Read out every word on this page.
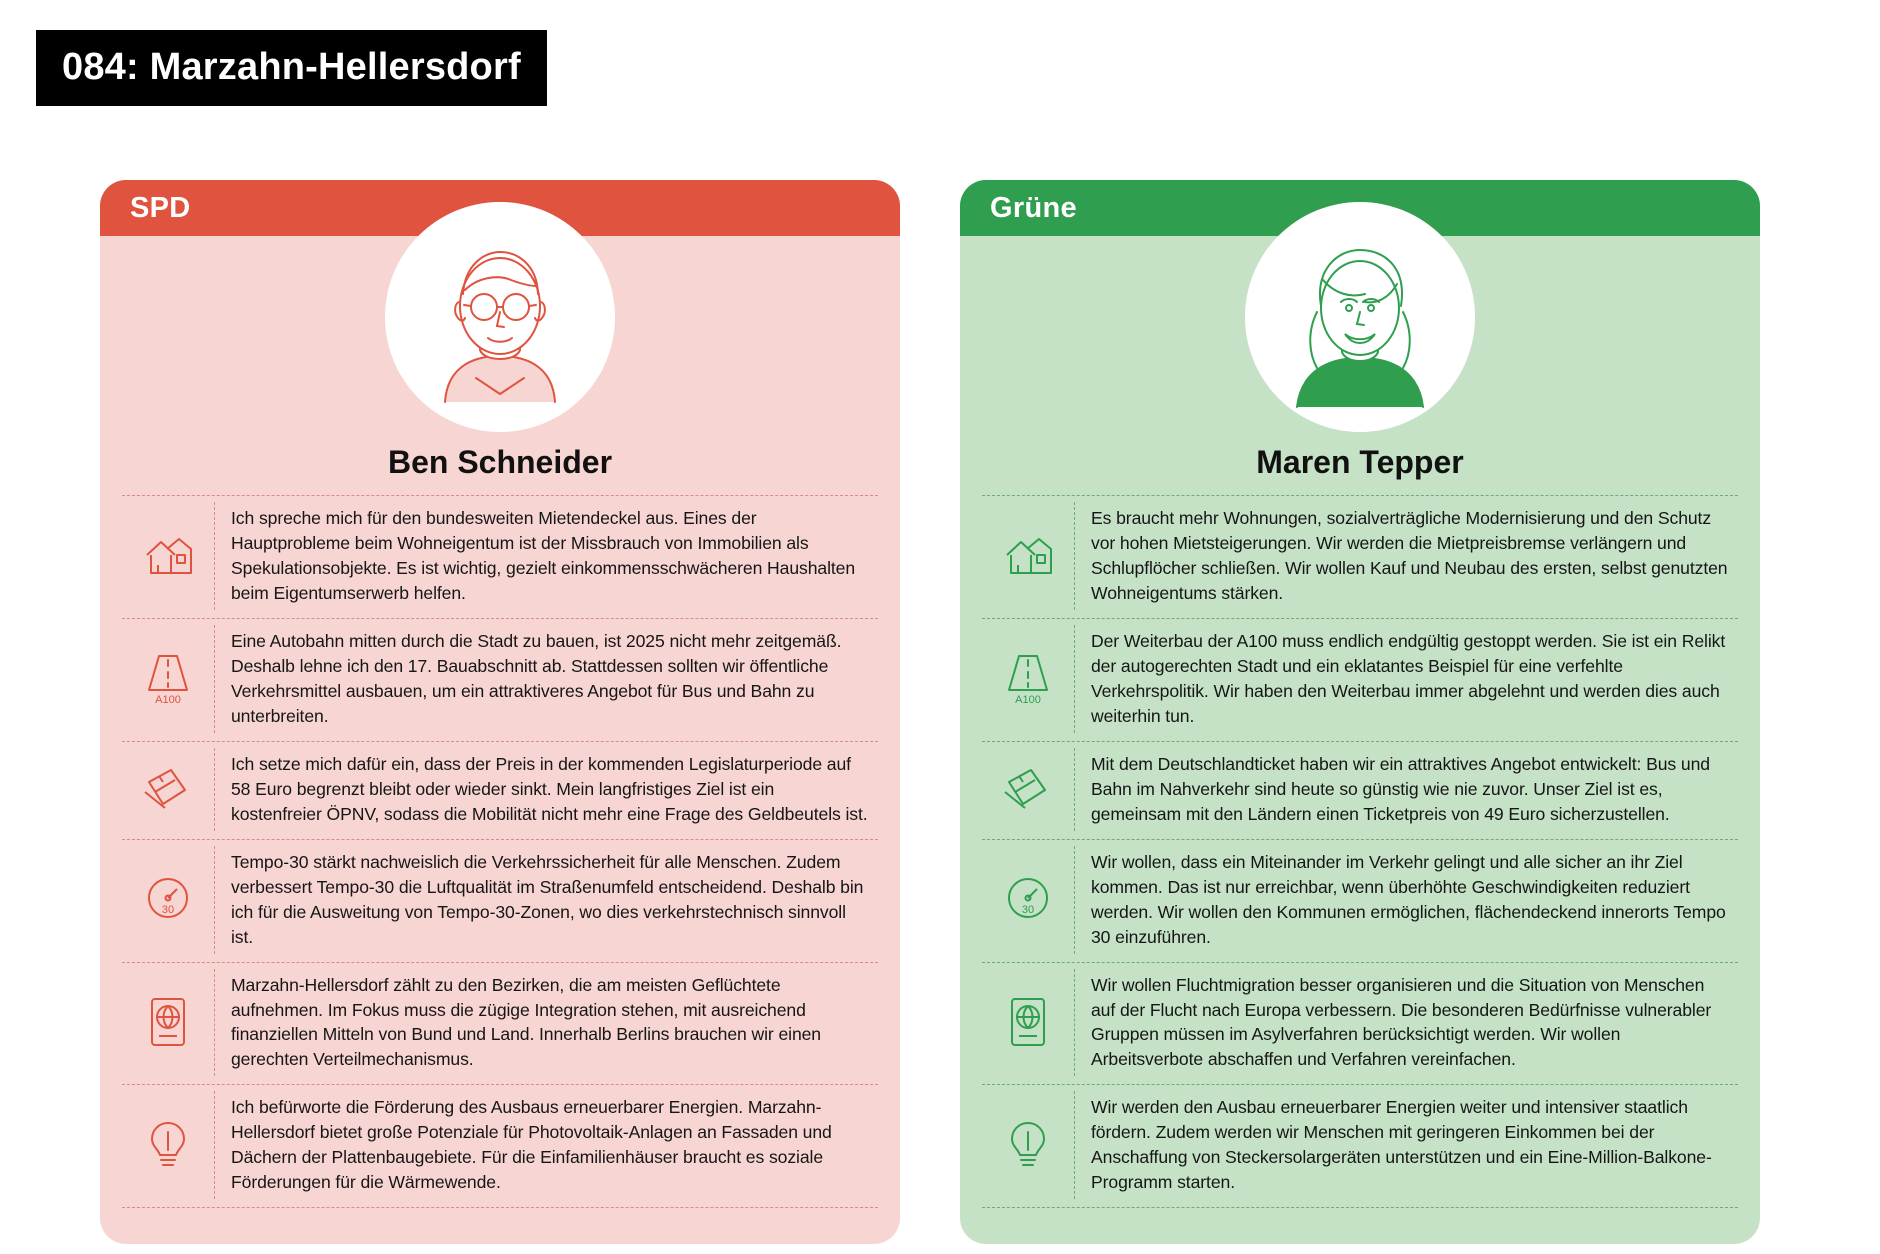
084: Marzahn-Hellersdorf
SPD
Ben Schneider
Ich spreche mich für den bundesweiten Mietendeckel aus. Eines der Hauptprobleme beim Wohneigentum ist der Missbrauch von Immobilien als Spekulationsobjekte. Es ist wichtig, gezielt einkommensschwächeren Haushalten beim Eigentumserwerb helfen.
A100
Eine Autobahn mitten durch die Stadt zu bauen, ist 2025 nicht mehr zeitgemäß. Deshalb lehne ich den 17. Bauabschnitt ab. Stattdessen sollten wir öffentliche Verkehrsmittel ausbauen, um ein attraktiveres Angebot für Bus und Bahn zu unterbreiten.
Ich setze mich dafür ein, dass der Preis in der kommenden Legislaturperiode auf 58 Euro begrenzt bleibt oder wieder sinkt. Mein langfristiges Ziel ist ein kostenfreier ÖPNV, sodass die Mobilität nicht mehr eine Frage des Geldbeutels ist.
30
Tempo-30 stärkt nachweislich die Verkehrssicherheit für alle Menschen. Zudem verbessert Tempo-30 die Luftqualität im Straßenumfeld entscheidend. Deshalb bin ich für die Ausweitung von Tempo-30-Zonen, wo dies verkehrstechnisch sinnvoll ist.
Marzahn-Hellersdorf zählt zu den Bezirken, die am meisten Geflüchtete aufnehmen. Im Fokus muss die zügige Integration stehen, mit ausreichend finanziellen Mitteln von Bund und Land. Innerhalb Berlins brauchen wir einen gerechten Verteilmechanismus.
Ich befürworte die Förderung des Ausbaus erneuerbarer Energien. Marzahn-Hellersdorf bietet große Potenziale für Photovoltaik-Anlagen an Fassaden und Dächern der Plattenbaugebiete. Für die Einfamilienhäuser braucht es soziale Förderungen für die Wärmewende.
Grüne
Maren Tepper
Es braucht mehr Wohnungen, sozialverträgliche Modernisierung und den Schutz vor hohen Mietsteigerungen. Wir werden die Mietpreisbremse verlängern und Schlupflöcher schließen. Wir wollen Kauf und Neubau des ersten, selbst genutzten Wohneigentums stärken.
A100
Der Weiterbau der A100 muss endlich endgültig gestoppt werden. Sie ist ein Relikt der autogerechten Stadt und ein eklatantes Beispiel für eine verfehlte Verkehrspolitik. Wir haben den Weiterbau immer abgelehnt und werden dies auch weiterhin tun.
Mit dem Deutschlandticket haben wir ein attraktives Angebot entwickelt: Bus und Bahn im Nahverkehr sind heute so günstig wie nie zuvor. Unser Ziel ist es, gemeinsam mit den Ländern einen Ticketpreis von 49 Euro sicherzustellen.
30
Wir wollen, dass ein Miteinander im Verkehr gelingt und alle sicher an ihr Ziel kommen. Das ist nur erreichbar, wenn überhöhte Geschwindigkeiten reduziert werden. Wir wollen den Kommunen ermöglichen, flächendeckend innerorts Tempo 30 einzuführen.
Wir wollen Fluchtmigration besser organisieren und die Situation von Menschen auf der Flucht nach Europa verbessern. Die besonderen Bedürfnisse vulnerabler Gruppen müssen im Asylverfahren berücksichtigt werden. Wir wollen Arbeitsverbote abschaffen und Verfahren vereinfachen.
Wir werden den Ausbau erneuerbarer Energien weiter und intensiver staatlich fördern. Zudem werden wir Menschen mit geringeren Einkommen bei der Anschaffung von Steckersolargeräten unterstützen und ein Eine-Million-Balkone-Programm starten.
